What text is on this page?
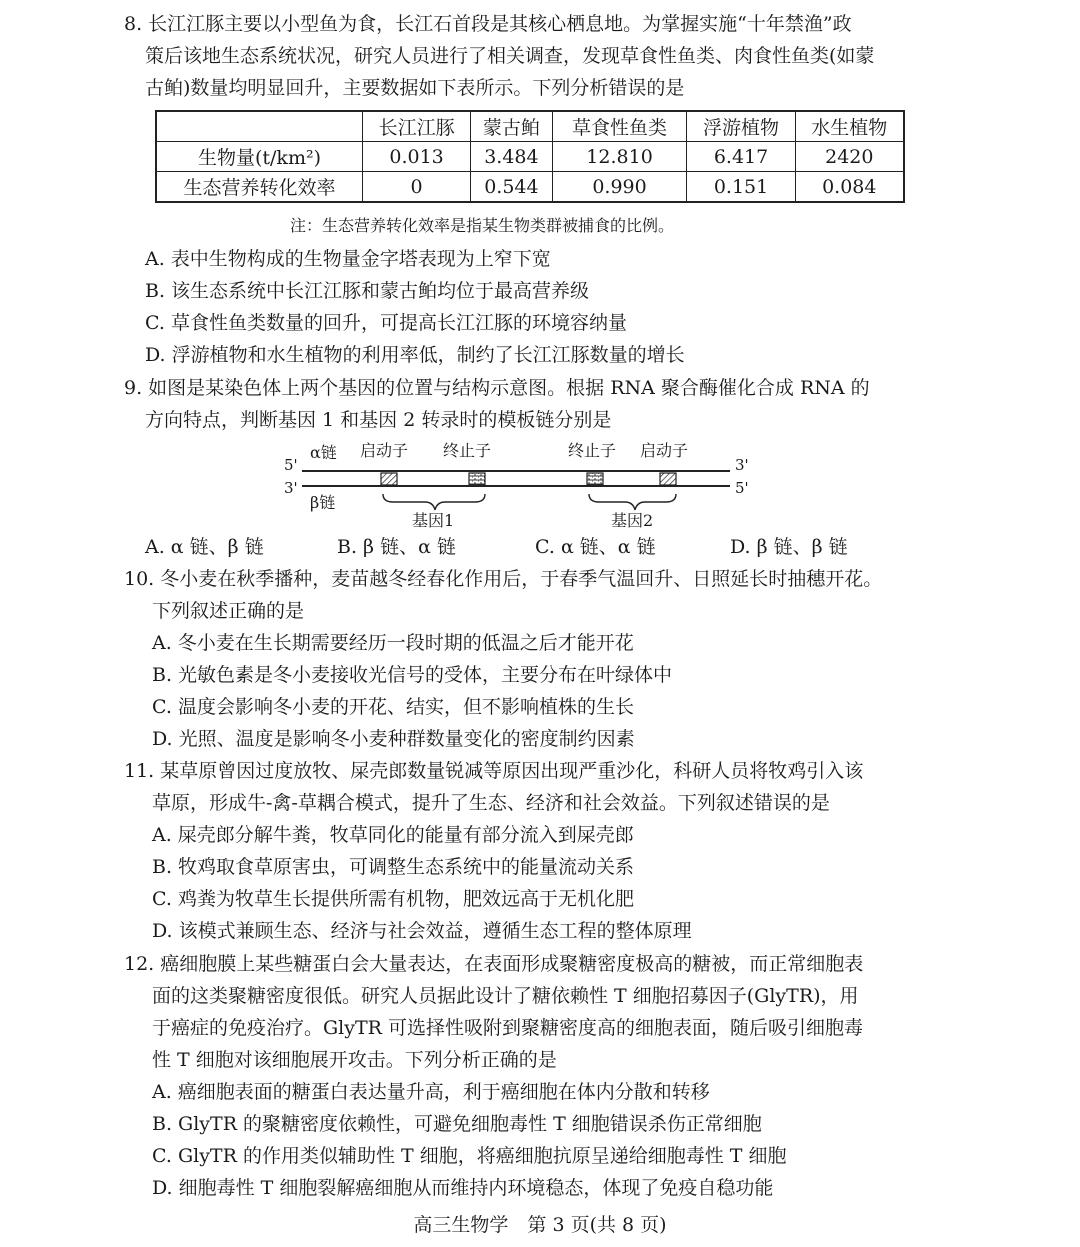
8. 长江江豚主要以小型鱼为食，长江石首段是其核心栖息地。为掌握实施“十年禁渔”政
策后该地生态系统状况，研究人员进行了相关调查，发现草食性鱼类、肉食性鱼类(如蒙
古鲌)数量均明显回升，主要数据如下表所示。下列分析错误的是
	长江江豚	蒙古鲌	草食性鱼类	浮游植物	水生植物
生物量(t/km²)	0.013	3.484	12.810	6.417	2420
生态营养转化效率	0	0.544	0.990	0.151	0.084
注：生态营养转化效率是指某生物类群被捕食的比例。
A. 表中生物构成的生物量金字塔表现为上窄下宽
B. 该生态系统中长江江豚和蒙古鲌均位于最高营养级
C. 草食性鱼类数量的回升，可提高长江江豚的环境容纳量
D. 浮游植物和水生植物的利用率低，制约了长江江豚数量的增长
9. 如图是某染色体上两个基因的位置与结构示意图。根据 RNA 聚合酶催化合成 RNA 的
方向特点，判断基因 1 和基因 2 转录时的模板链分别是
α链
β链
5'
3'
3'
5'
启动子 终止子	终止子 启动子
基因1	基因2
A. α 链、β 链	B. β 链、α 链	C. α 链、α 链	D. β 链、β 链
10. 冬小麦在秋季播种，麦苗越冬经春化作用后，于春季气温回升、日照延长时抽穗开花。
下列叙述正确的是
A. 冬小麦在生长期需要经历一段时期的低温之后才能开花
B. 光敏色素是冬小麦接收光信号的受体，主要分布在叶绿体中
C. 温度会影响冬小麦的开花、结实，但不影响植株的生长
D. 光照、温度是影响冬小麦种群数量变化的密度制约因素
11. 某草原曾因过度放牧、屎壳郎数量锐减等原因出现严重沙化，科研人员将牧鸡引入该
草原，形成牛-禽-草耦合模式，提升了生态、经济和社会效益。下列叙述错误的是
A. 屎壳郎分解牛粪，牧草同化的能量有部分流入到屎壳郎
B. 牧鸡取食草原害虫，可调整生态系统中的能量流动关系
C. 鸡粪为牧草生长提供所需有机物，肥效远高于无机化肥
D. 该模式兼顾生态、经济与社会效益，遵循生态工程的整体原理
12. 癌细胞膜上某些糖蛋白会大量表达，在表面形成聚糖密度极高的糖被，而正常细胞表
面的这类聚糖密度很低。研究人员据此设计了糖依赖性 T 细胞招募因子(GlyTR)，用
于癌症的免疫治疗。GlyTR 可选择性吸附到聚糖密度高的细胞表面，随后吸引细胞毒
性 T 细胞对该细胞展开攻击。下列分析正确的是
A. 癌细胞表面的糖蛋白表达量升高，利于癌细胞在体内分散和转移
B. GlyTR 的聚糖密度依赖性，可避免细胞毒性 T 细胞错误杀伤正常细胞
C. GlyTR 的作用类似辅助性 T 细胞，将癌细胞抗原呈递给细胞毒性 T 细胞
D. 细胞毒性 T 细胞裂解癌细胞从而维持内环境稳态，体现了免疫自稳功能
高三生物学　第 3 页(共 8 页)
